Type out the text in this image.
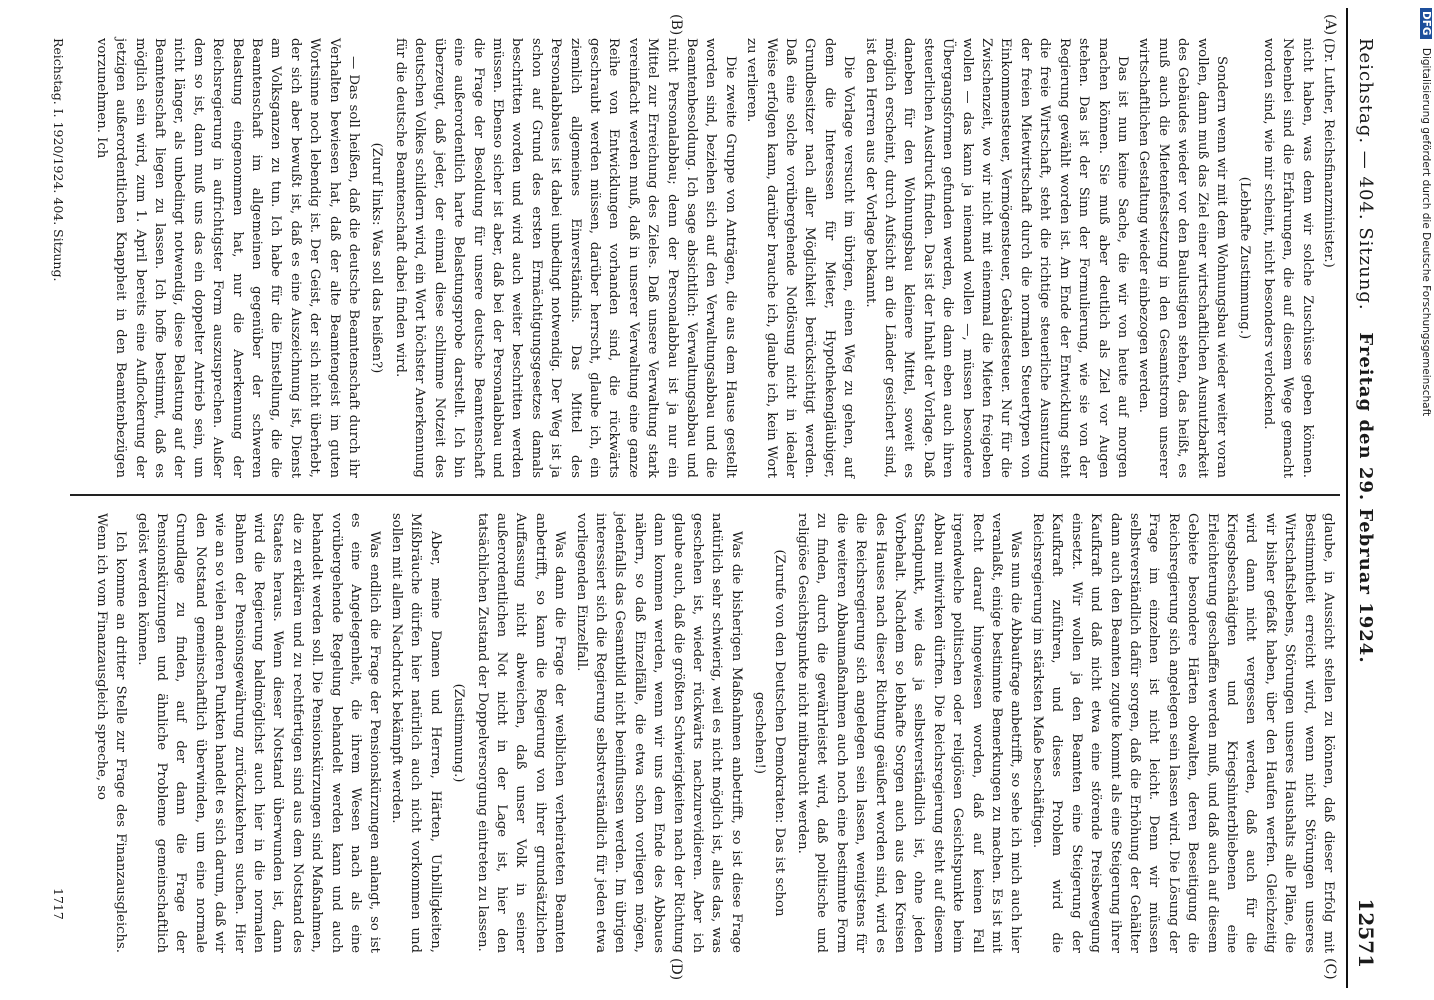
Reichstag. — 404. Sitzung.
Freitag den 29. Februar 1924.
12571
(A)
(B)
(C)
(D)

(Dr. Luther, Reichsfinanzminister.)

nicht haben, was denn wir solche Zuschüsse geben können. Nebenbei sind die Erfahrungen, die auf diesem Wege gemacht worden sind, wie mir scheint, nicht besonders verlockend.

(Lebhafte Zustimmung.)

Sondern wenn wir mit dem Wohnungsbau wieder weiter voran wollen, dann muß das Ziel einer wirtschaftlichen Ausnutzbarkeit des Gebäudes wieder vor den Baulustigen stehen, das heißt, es muß auch die Mietenfestsetzung in den Gesamtstrom unserer wirtschaftlichen Gestaltung wieder einbezogen werden.

Das ist nun keine Sache, die wir von heute auf morgen machen können. Sie muß aber deutlich als Ziel vor Augen stehen. Das ist der Sinn der Formulierung, wie sie von der Regierung gewählt worden ist. Am Ende der Entwicklung steht die freie Wirtschaft, steht die richtige steuerliche Ausnutzung der freien Mietwirtschaft durch die normalen Steuertypen von Einkommensteuer, Vermögensteuer, Gebäudesteuer. Nur für die Zwischenzeit, wo wir nicht mit einemmal die Mieten freigeben wollen — das kann ja niemand wollen —, müssen besondere Übergangsformen gefunden werden, die dann eben auch ihren steuerlichen Ausdruck finden. Das ist der Inhalt der Vorlage. Daß daneben für den Wohnungsbau kleinere Mittel, soweit es möglich erscheint, durch Aufsicht an die Länder gesichert sind, ist den Herren aus der Vorlage bekannt.

Die Vorlage versucht im übrigen, einen Weg zu gehen, auf dem die Interessen für Mieter, Hypothekengläubiger, Grundbesitzer nach aller Möglichkeit berücksichtigt werden. Daß eine solche vorübergehende Notlösung nicht in idealer Weise erfolgen kann, darüber brauche ich, glaube ich, kein Wort zu verlieren.

Die zweite Gruppe von Anträgen, die aus dem Hause gestellt worden sind, beziehen sich auf den Verwaltungsabbau und die Beamtenbesoldung. Ich sage absichtlich: Verwaltungsabbau und nicht Personalabbau; denn der Personalabbau ist ja nur ein Mittel zur Erreichung des Zieles. Daß unsere Verwaltung stark vereinfacht werden muß, daß in unserer Verwaltung eine ganze Reihe von Entwicklungen vorhanden sind, die rückwärts geschraubt werden müssen, darüber herrscht, glaube ich, ein ziemlich allgemeines Einverständnis. Das Mittel des Personalabbaues ist dabei unbedingt notwendig. Der Weg ist ja schon auf Grund des ersten Ermächtigungsgesetzes damals beschritten worden und wird auch weiter beschritten werden müssen. Ebenso sicher ist aber, daß bei der Personalabbau und die Frage der Besoldung für unsere deutsche Beamtenschaft eine außerordentlich harte Belastungsprobe darstellt. Ich bin überzeugt, daß jeder, der einmal diese schlimme Notzeit des deutschen Volkes schildern wird, ein Wort höchster Anerkennung für die deutsche Beamtenschaft dabei finden wird.

(Zuruf links: Was soll das heißen?)

— Das soll heißen, daß die deutsche Beamtenschaft durch ihr Verhalten bewiesen hat, daß der alte Beamtengeist im guten Wortsinne noch lebendig ist. Der Geist, der sich nicht überhebt, der sich aber bewußt ist, daß es eine Auszeichnung ist, Dienst am Volksganzen zu tun. Ich habe für die Einstellung, die die Beamtenschaft im allgemeinen gegenüber der schweren Belastung eingenommen hat, nur die Anerkennung der Reichsregierung in aufrichtigster Form auszusprechen. Außer dem so ist, dann muß uns das ein doppelter Antrieb sein, um nicht länger, als unbedingt notwendig, diese Belastung auf der Beamtenschaft liegen zu lassen. Ich hoffe bestimmt, daß es möglich sein wird, zum 1. April bereits eine Auflockerung der jetzigen außerordentlichen Knappheit in den Beamtenbezügen vorzunehmen. Ich

glaube, in Aussicht stellen zu können, daß dieser Erfolg mit Bestimmtheit erreicht wird, wenn nicht Störungen unseres Wirtschaftslebens, Störungen unseres Haushalts alle Pläne, die wir bisher gefaßt haben, über den Haufen werfen. Gleichzeitig wird dann nicht vergessen werden, daß auch für die Kriegsbeschädigten und Kriegshinterbliebenen eine Erleichterung geschaffen werden muß, und daß auch auf diesem Gebiete besondere Härten obwalten, deren Beseitigung die Reichsregierung sich angelegen sein lassen wird. Die Lösung der Frage im einzelnen ist nicht leicht. Denn wir müssen selbstverständlich dafür sorgen, daß die Erhöhung der Gehälter dann auch den Beamten zugute kommt als eine Steigerung ihrer Kaufkraft und daß nicht etwa eine störende Preisbewegung einsetzt. Wir wollen ja den Beamten eine Steigerung der Kaufkraft zuführen, und dieses Problem wird die Reichsregierung im stärksten Maße beschäftigen.

Was nun die Abbaufrage anbetrifft, so sehe ich mich auch hier veranlaßt, einige bestimmte Bemerkungen zu machen. Es ist mit Recht darauf hingewiesen worden, daß auf keinen Fall irgendwelche politischen oder religiösen Gesichtspunkte beim Abbau mitwirken dürften. Die Reichsregierung steht auf diesem Standpunkt, wie das ja selbstverständlich ist, ohne jeden Vorbehalt. Nachdem so lebhafte Sorgen auch aus den Kreisen des Hauses nach dieser Richtung geäußert worden sind, wird es die Reichsregierung sich angelegen sein lassen, wenigstens für die weiteren Abbaumaßnahmen auch noch eine bestimmte Form zu finden, durch die gewährleistet wird, daß politische und religiöse Gesichtspunkte nicht mitbraucht werden.

(Zurufe von den Deutschen Demokraten: Das ist schon geschehen!)

Was die bisherigen Maßnahmen anbetrifft, so ist diese Frage natürlich sehr schwierig, weil es nicht möglich ist, alles das, was geschehen ist, wieder rückwärts nachzurevidieren. Aber ich glaube auch, daß die größten Schwierigkeiten nach der Richtung dann kommen werden, wenn wir uns dem Ende des Abbaues nähern, so daß Einzelfälle, die etwa schon vorliegen mögen, jedenfalls das Gesamtbild nicht beeinflussen werden. Im übrigen interessiert sich die Regierung selbstverständlich für jeden etwa vorliegenden Einzelfall.

Was dann die Frage der weiblichen verheirateten Beamten anbetrifft, so kann die Regierung von ihrer grundsätzlichen Auffassung nicht abweichen, daß unser Volk in seiner außerordentlichen Not nicht in der Lage ist, hier den tatsächlichen Zustand der Doppelversorgung eintreten zu lassen.

(Zustimmung.)

Aber, meine Damen und Herren, Härten, Unbilligkeiten, Mißbräuche dürfen hier natürlich auch nicht vorkommen und sollen mit allem Nachdruck bekämpft werden.

Was endlich die Frage der Pensionskürzungen anlangt, so ist es eine Angelegenheit, die ihrem Wesen nach als eine vorübergehende Regelung behandelt werden kann und auch behandelt werden soll. Die Pensionskürzungen sind Maßnahmen, die zu erklären und zu rechtfertigen sind aus dem Notstand des Staates heraus. Wenn dieser Notstand überwunden ist, dann wird die Regierung baldmöglichst auch hier in die normalen Bahnen der Pensionsgewährung zurückzukehren suchen. Hier wie an so vielen anderen Punkten handelt es sich darum, daß wir den Notstand gemeinschaftlich überwinden, um eine normale Grundlage zu finden, auf der dann die Frage der Pensionskürzungen und ähnliche Probleme gemeinschaftlich gelöst werden können.

Ich komme an dritter Stelle zur Frage des Finanzausgleichs. Wenn ich vom Finanzausgleich spreche, so

Reichstag. I. 1920/1924. 404. Sitzung.
1717
DFG Digitalisierung gefördert durch die Deutsche Forschungsgemeinschaft
